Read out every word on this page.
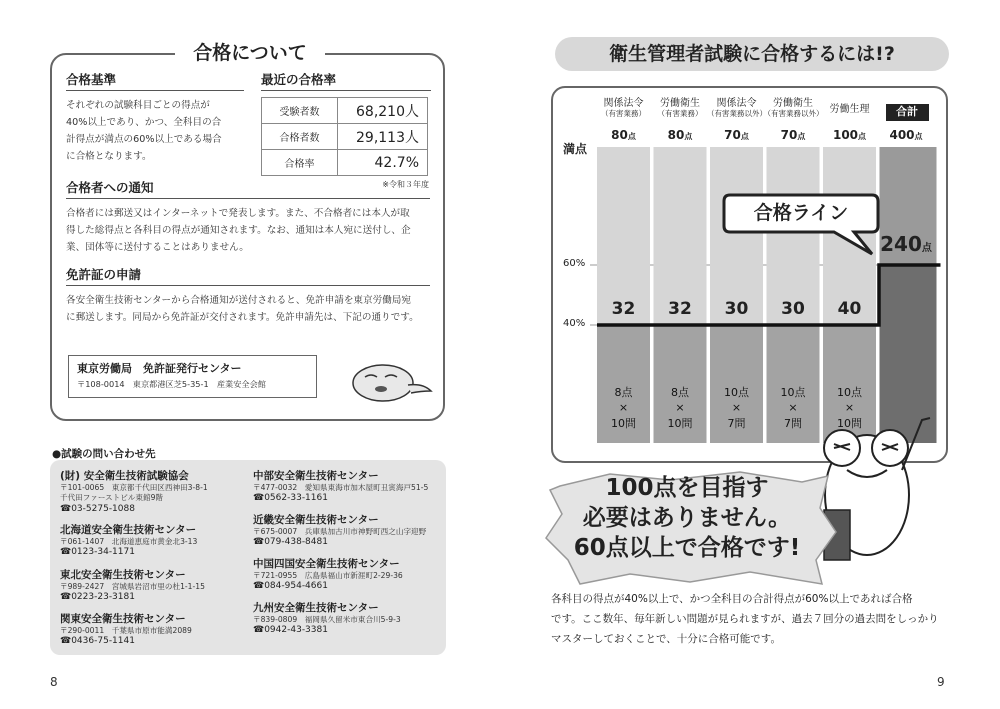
合格について
合格基準
それぞれの試験科目ごとの得点が
40%以上であり、かつ、全科目の合
計得点が満点の60%以上である場合
に合格となります。
最近の合格率
受験者数	68,210人
合格者数	29,113人
合格率	42.7%
※令和３年度
合格者への通知
合格者には郵送又はインターネットで発表します。また、不合格者には本人が取
得した総得点と各科目の得点が通知されます。なお、通知は本人宛に送付し、企
業、団体等に送付することはありません。
免許証の申請
各安全衛生技術センターから合格通知が送付されると、免許申請を東京労働局宛
に郵送します。同局から免許証が交付されます。免許申請先は、下記の通りです。
東京労働局　免許証発行センター
〒108-0014　東京都港区芝5-35-1　産業安全会館
●試験の問い合わせ先
(財) 安全衛生技術試験協会
〒101-0065　東京都千代田区西神田3-8-1
千代田ファーストビル東館9階
☎03-5275-1088
北海道安全衛生技術センター
〒061-1407　北海道恵庭市黄金北3-13
☎0123-34-1171
東北安全衛生技術センター
〒989-2427　宮城県岩沼市里の杜1-1-15
☎0223-23-3181
関東安全衛生技術センター
〒290-0011　千葉県市原市能満2089
☎0436-75-1141
中部安全衛生技術センター
〒477-0032　愛知県東海市加木屋町丑寅海戸51-5
☎0562-33-1161
近畿安全衛生技術センター
〒675-0007　兵庫県加古川市神野町西之山字迎野
☎079-438-8481
中国四国安全衛生技術センター
〒721-0955　広島県福山市新涯町2-29-36
☎084-954-4661
九州安全衛生技術センター
〒839-0809　福岡県久留米市東合川5-9-3
☎0942-43-3381
8
衛生管理者試験に合格するには!?
関係法令
（有害業務）
80点
32
8点
×
10問
労働衛生
（有害業務）
80点
32
8点
×
10問
関係法令
（有害業務以外）
70点
30
10点
×
7問
労働衛生
（有害業務以外）
70点
30
10点
×
7問
労働生理
100点
40
10点
×
10問
合計
400点
240点
満点
60%
40%
合格ライン
100点を目指す
必要はありません。
60点以上で合格です!
各科目の得点が40%以上で、かつ全科目の合計得点が60%以上であれば合格
です。ここ数年、毎年新しい問題が見られますが、過去７回分の過去問をしっかり
マスターしておくことで、十分に合格可能です。
9
